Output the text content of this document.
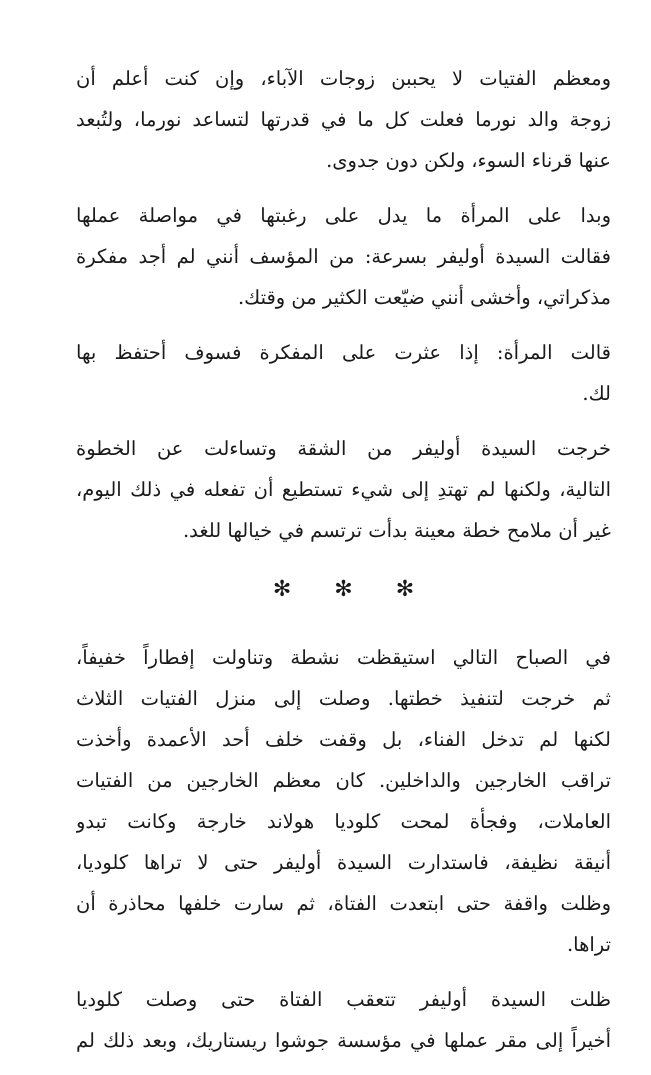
ومعظم الفتيات لا يحببن زوجات الآباء، وإن كنت أعلم أن
زوجة والد نورما فعلت كل ما في قدرتها لتساعد نورما، ولتُبعد
عنها قرناء السوء، ولكن دون جدوى.
وبدا على المرأة ما يدل على رغبتها في مواصلة عملها
فقالت السيدة أوليفر بسرعة: من المؤسف أنني لم أجد مفكرة
مذكراتي، وأخشى أنني ضيّعت الكثير من وقتك.
قالت المرأة: إذا عثرت على المفكرة فسوف أحتفظ بها
لك.
خرجت السيدة أوليفر من الشقة وتساءلت عن الخطوة
التالية، ولكنها لم تهتدِ إلى شيء تستطيع أن تفعله في ذلك اليوم،
غير أن ملامح خطة معينة بدأت ترتسم في خيالها للغد.
✻ ✻ ✻
في الصباح التالي استيقظت نشطة وتناولت إفطاراً خفيفاً،
ثم خرجت لتنفيذ خطتها. وصلت إلى منزل الفتيات الثلاث
لكنها لم تدخل الفناء، بل وقفت خلف أحد الأعمدة وأخذت
تراقب الخارجين والداخلين. كان معظم الخارجين من الفتيات
العاملات، وفجأة لمحت كلوديا هولاند خارجة وكانت تبدو
أنيقة نظيفة، فاستدارت السيدة أوليفر حتى لا تراها كلوديا،
وظلت واقفة حتى ابتعدت الفتاة، ثم سارت خلفها محاذرة أن
تراها.
ظلت السيدة أوليفر تتعقب الفتاة حتى وصلت كلوديا
أخيراً إلى مقر عملها في مؤسسة جوشوا ريستاريك، وبعد ذلك لم
